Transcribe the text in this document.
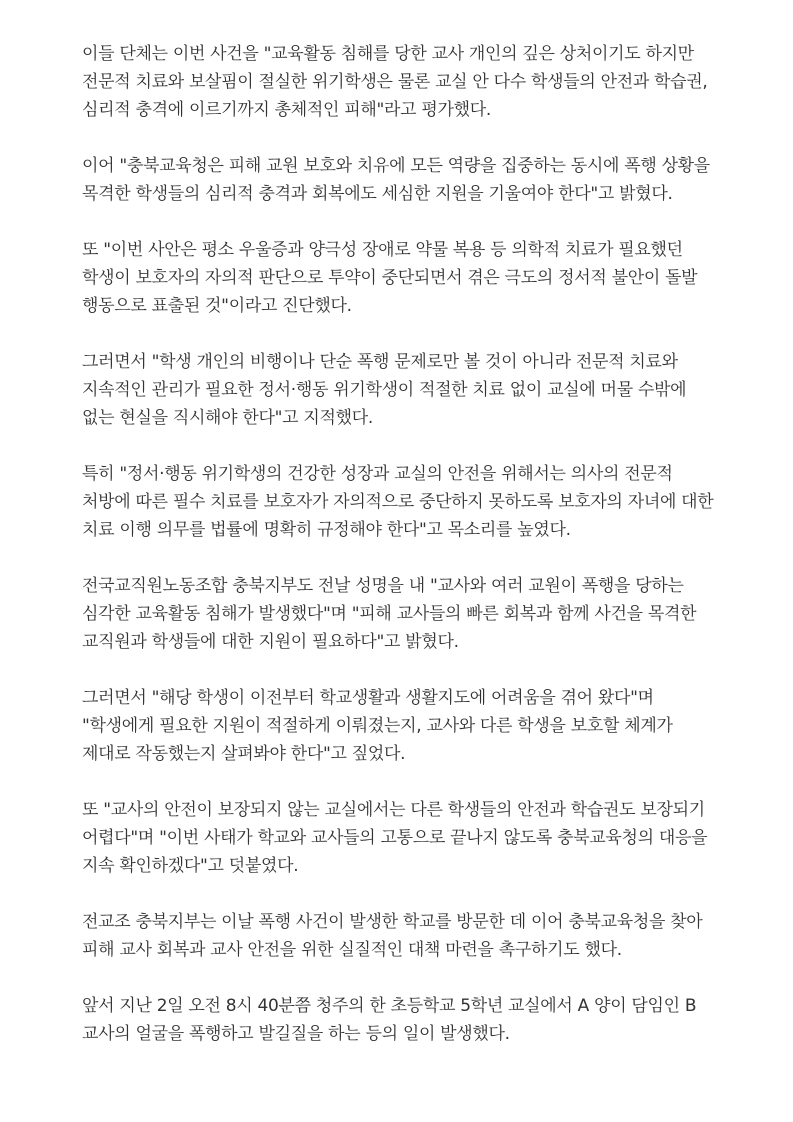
이들 단체는 이번 사건을 "교육활동 침해를 당한 교사 개인의 깊은 상처이기도 하지만 전문적 치료와 보살핌이 절실한 위기학생은 물론 교실 안 다수 학생들의 안전과 학습권, 심리적 충격에 이르기까지 총체적인 피해"라고 평가했다.

이어 "충북교육청은 피해 교원 보호와 치유에 모든 역량을 집중하는 동시에 폭행 상황을 목격한 학생들의 심리적 충격과 회복에도 세심한 지원을 기울여야 한다"고 밝혔다.

또 "이번 사안은 평소 우울증과 양극성 장애로 약물 복용 등 의학적 치료가 필요했던 학생이 보호자의 자의적 판단으로 투약이 중단되면서 겪은 극도의 정서적 불안이 돌발 행동으로 표출된 것"이라고 진단했다.

그러면서 "학생 개인의 비행이나 단순 폭행 문제로만 볼 것이 아니라 전문적 치료와 지속적인 관리가 필요한 정서·행동 위기학생이 적절한 치료 없이 교실에 머물 수밖에 없는 현실을 직시해야 한다"고 지적했다.

특히 "정서·행동 위기학생의 건강한 성장과 교실의 안전을 위해서는 의사의 전문적 처방에 따른 필수 치료를 보호자가 자의적으로 중단하지 못하도록 보호자의 자녀에 대한 치료 이행 의무를 법률에 명확히 규정해야 한다"고 목소리를 높였다.

전국교직원노동조합 충북지부도 전날 성명을 내 "교사와 여러 교원이 폭행을 당하는 심각한 교육활동 침해가 발생했다"며 "피해 교사들의 빠른 회복과 함께 사건을 목격한 교직원과 학생들에 대한 지원이 필요하다"고 밝혔다.

그러면서 "해당 학생이 이전부터 학교생활과 생활지도에 어려움을 겪어 왔다"며 "학생에게 필요한 지원이 적절하게 이뤄졌는지, 교사와 다른 학생을 보호할 체계가 제대로 작동했는지 살펴봐야 한다"고 짚었다.

또 "교사의 안전이 보장되지 않는 교실에서는 다른 학생들의 안전과 학습권도 보장되기 어렵다"며 "이번 사태가 학교와 교사들의 고통으로 끝나지 않도록 충북교육청의 대응을 지속 확인하겠다"고 덧붙였다.

전교조 충북지부는 이날 폭행 사건이 발생한 학교를 방문한 데 이어 충북교육청을 찾아 피해 교사 회복과 교사 안전을 위한 실질적인 대책 마련을 촉구하기도 했다.

앞서 지난 2일 오전 8시 40분쯤 청주의 한 초등학교 5학년 교실에서 A 양이 담임인 B 교사의 얼굴을 폭행하고 발길질을 하는 등의 일이 발생했다.
